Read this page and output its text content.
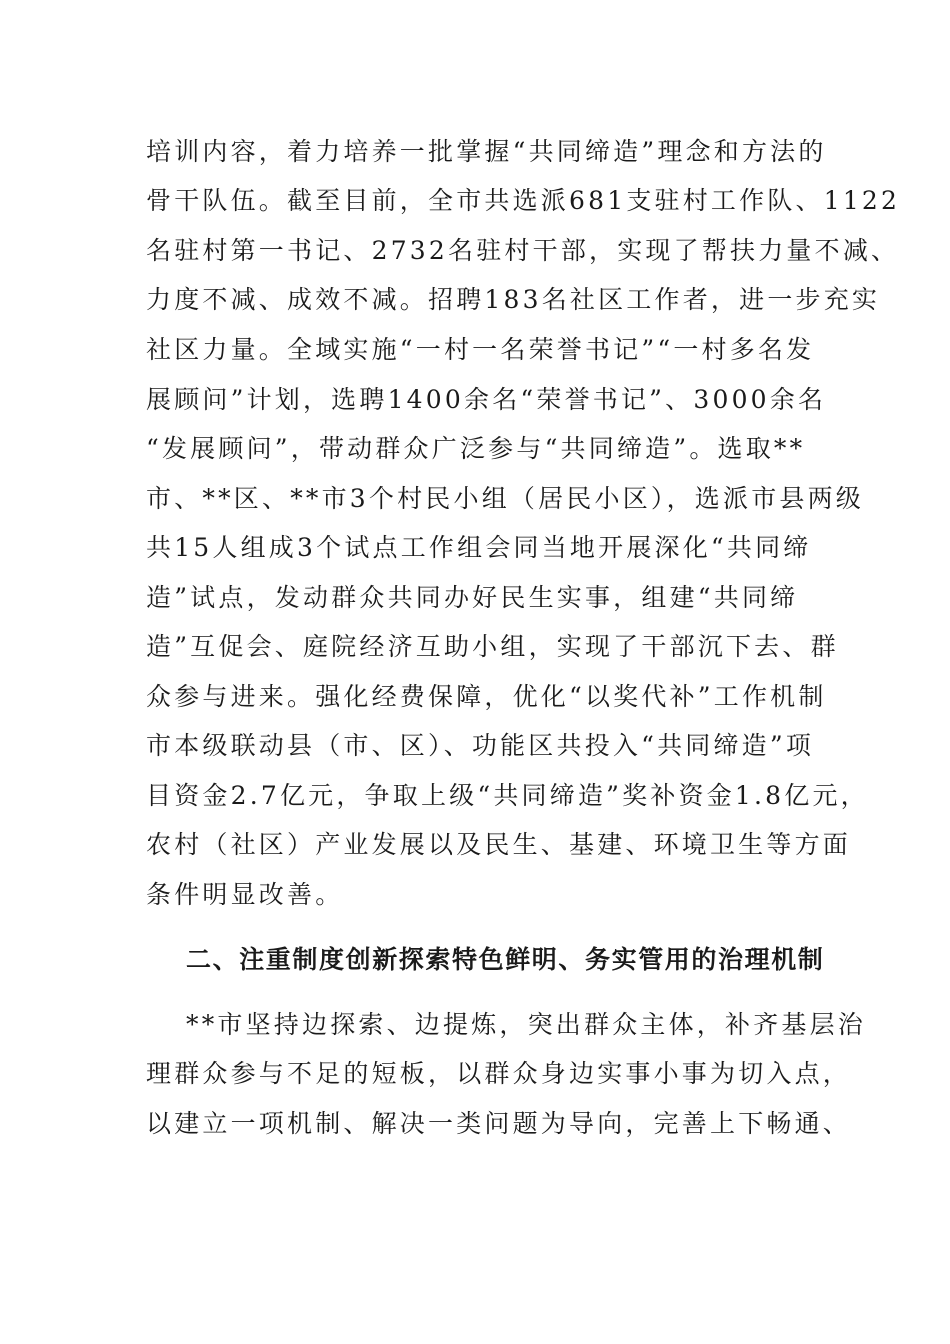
培训内容，着力培养一批掌握“共同缔造”理念和方法的
骨干队伍。截至目前，全市共选派681支驻村工作队、1122
名驻村第一书记、2732名驻村干部，实现了帮扶力量不减、
力度不减、成效不减。招聘183名社区工作者，进一步充实
社区力量。全域实施“一村一名荣誉书记”“一村多名发
展顾问”计划，选聘1400余名“荣誉书记”、3000余名
“发展顾问”，带动群众广泛参与“共同缔造”。选取**
市、**区、**市3个村民小组（居民小区），选派市县两级
共15人组成3个试点工作组会同当地开展深化“共同缔
造”试点，发动群众共同办好民生实事，组建“共同缔
造”互促会、庭院经济互助小组，实现了干部沉下去、群
众参与进来。强化经费保障，优化“以奖代补”工作机制
市本级联动县（市、区）、功能区共投入“共同缔造”项
目资金2.7亿元，争取上级“共同缔造”奖补资金1.8亿元，
农村（社区）产业发展以及民生、基建、环境卫生等方面
条件明显改善。
二、注重制度创新探索特色鲜明、务实管用的治理机制
**市坚持边探索、边提炼，突出群众主体，补齐基层治
理群众参与不足的短板，以群众身边实事小事为切入点，
以建立一项机制、解决一类问题为导向，完善上下畅通、
